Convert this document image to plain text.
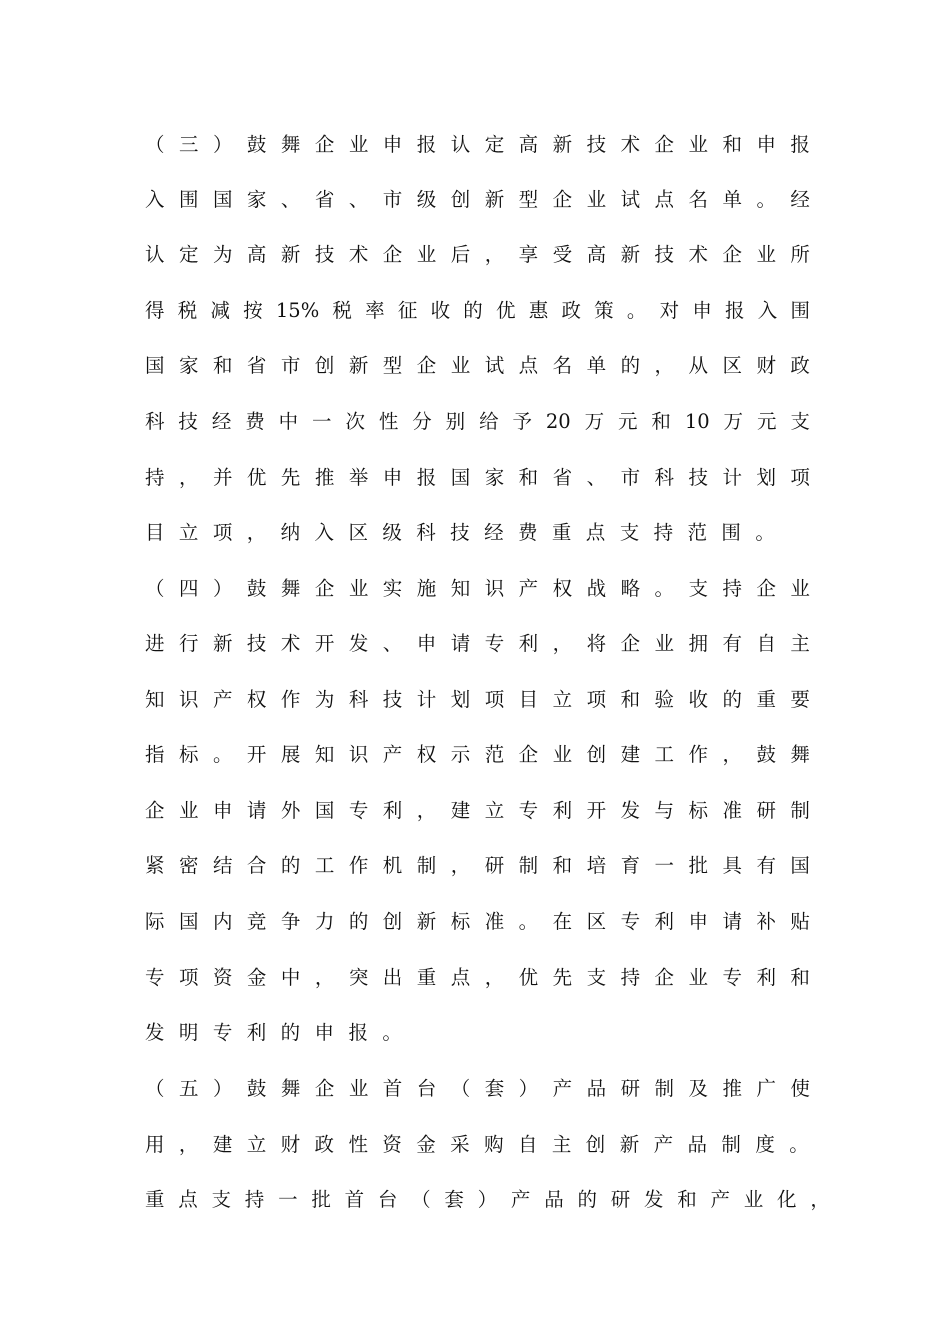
（ 三 ） 鼓 舞 企 业 申 报 认 定 高 新 技 术 企 业 和 申 报
入 围 国 家 、 省 、 市 级 创 新 型 企 业 试 点 名 单 。 经
认 定 为 高 新 技 术 企 业 后 ， 享 受 高 新 技 术 企 业 所
得 税 减 按 15% 税 率 征 收 的 优 惠 政 策 。 对 申 报 入 围
国 家 和 省 市 创 新 型 企 业 试 点 名 单 的 ， 从 区 财 政
科 技 经 费 中 一 次 性 分 别 给 予 20 万 元 和 10 万 元 支
持 ， 并 优 先 推 举 申 报 国 家 和 省 、 市 科 技 计 划 项
目 立 项 ， 纳 入 区 级 科 技 经 费 重 点 支 持 范 围 。
（ 四 ） 鼓 舞 企 业 实 施 知 识 产 权 战 略 。 支 持 企 业
进 行 新 技 术 开 发 、 申 请 专 利 ， 将 企 业 拥 有 自 主
知 识 产 权 作 为 科 技 计 划 项 目 立 项 和 验 收 的 重 要
指 标 。 开 展 知 识 产 权 示 范 企 业 创 建 工 作 ， 鼓 舞
企 业 申 请 外 国 专 利 ， 建 立 专 利 开 发 与 标 准 研 制
紧 密 结 合 的 工 作 机 制 ， 研 制 和 培 育 一 批 具 有 国
际 国 内 竞 争 力 的 创 新 标 准 。 在 区 专 利 申 请 补 贴
专 项 资 金 中 ， 突 出 重 点 ， 优 先 支 持 企 业 专 利 和
发 明 专 利 的 申 报 。
（ 五 ） 鼓 舞 企 业 首 台 （ 套 ） 产 品 研 制 及 推 广 使
用 ， 建 立 财 政 性 资 金 采 购 自 主 创 新 产 品 制 度 。
重 点 支 持 一 批 首 台 （ 套 ） 产 品 的 研 发 和 产 业 化 ，
